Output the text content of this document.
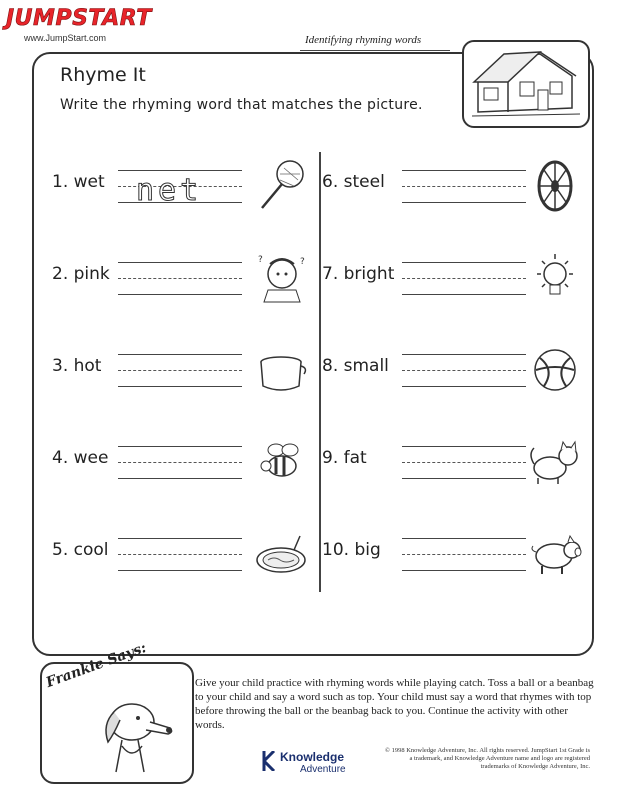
JUMPSTART
www.JumpStart.com	Identifying rhyming words
Rhyme It
Write the rhyming word that matches the picture.
1. wet net
2. pink
?	?
3. hot
4. wee
5. cool
6. steel
7. bright
8. small
9. fat
10. big
Frankie Says:	Give your child practice with rhyming words while playing catch. Toss a ball or a beanbag to your child and say a word such as top. Your child must say a word that rhymes with top before throwing the ball or the beanbag back to you. Continue the activity with other words.
Knowledge
Adventure
© 1998 Knowledge Adventure, Inc. All rights reserved. JumpStart 1st Grade is a trademark, and Knowledge Adventure name and logo are registered trademarks of Knowledge Adventure, Inc.
